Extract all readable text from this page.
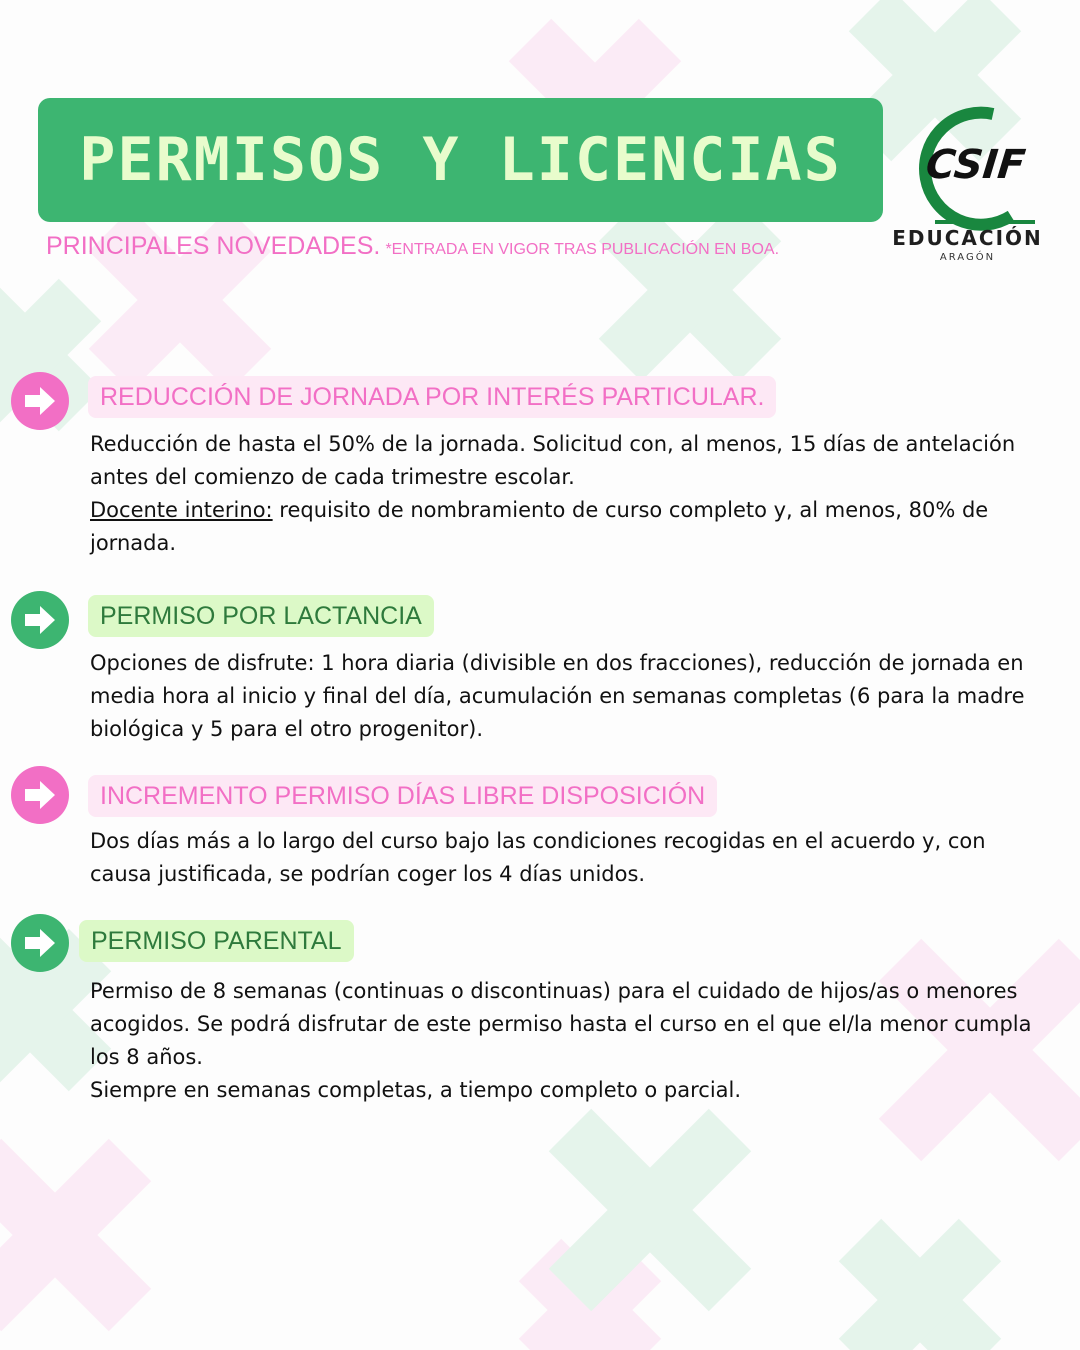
PERMISOS Y LICENCIAS
PRINCIPALES NOVEDADES. *ENTRADA EN VIGOR TRAS PUBLICACIÓN EN BOA.
CSIF
EDUCACIÓN
ARAGÓN
REDUCCIÓN DE JORNADA POR INTERÉS PARTICULAR.

Reducción de hasta el 50% de la jornada. Solicitud con, al menos, 15 días de antelación antes del comienzo de cada trimestre escolar.

Docente interino: requisito de nombramiento de curso completo y, al menos, 80% de jornada.

PERMISO POR LACTANCIA

Opciones de disfrute: 1 hora diaria (divisible en dos fracciones), reducción de jornada en media hora al inicio y final del día, acumulación en semanas completas (6 para la madre biológica y 5 para el otro progenitor).

INCREMENTO PERMISO DÍAS LIBRE DISPOSICIÓN

Dos días más a lo largo del curso bajo las condiciones recogidas en el acuerdo y, con causa justificada, se podrían coger los 4 días unidos.

PERMISO PARENTAL

Permiso de 8 semanas (continuas o discontinuas) para el cuidado de hijos/as o menores acogidos. Se podrá disfrutar de este permiso hasta el curso en el que el/la menor cumpla los 8 años.

Siempre en semanas completas, a tiempo completo o parcial.
